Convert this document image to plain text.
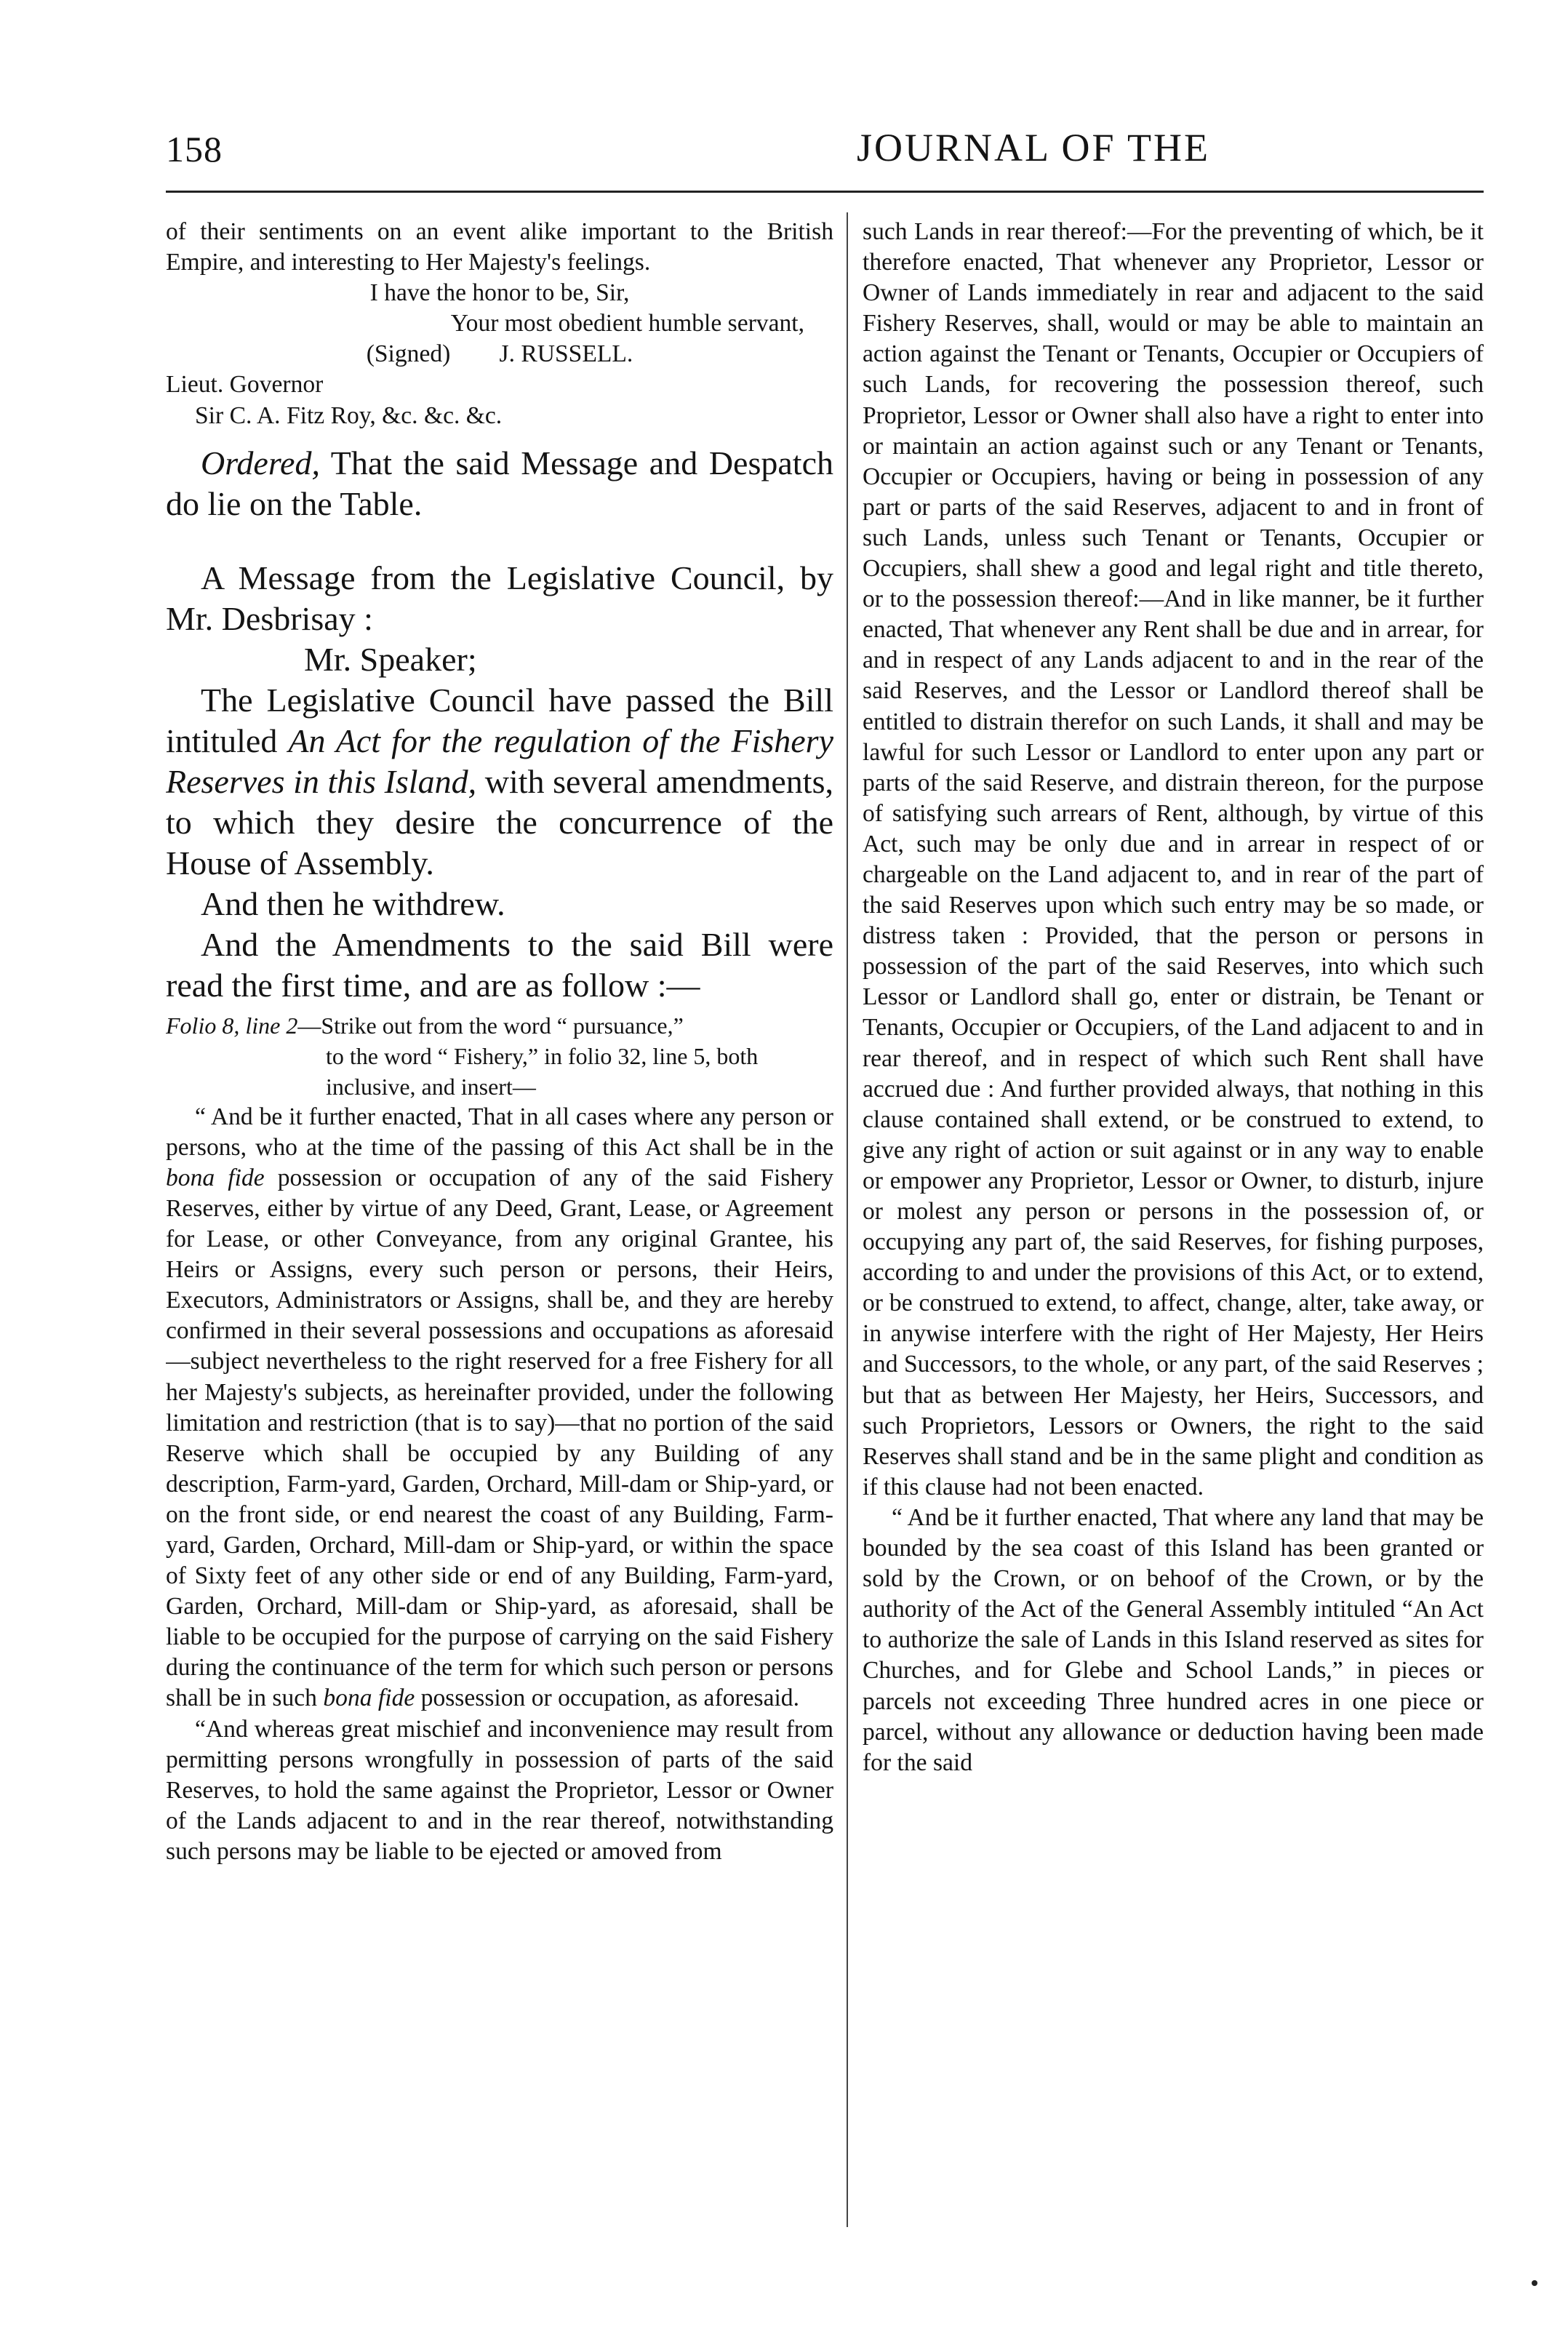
158	JOURNAL OF THE

of their sentiments on an event alike important to the British Empire, and interesting to Her Majesty's feelings.

I have the honor to be, Sir,

Your most obedient humble servant,

(Signed) J. RUSSELL.

Lieut. Governor

Sir C. A. Fitz Roy, &c. &c. &c.

Ordered, That the said Message and Despatch do lie on the Table.

A Message from the Legislative Council, by Mr. Desbrisay :

Mr. Speaker;

The Legislative Council have passed the Bill intituled An Act for the regulation of the Fishery Reserves in this Island, with several amendments, to which they desire the concurrence of the House of Assembly.

And then he withdrew.

And the Amendments to the said Bill were read the first time, and are as follow :—

Folio 8, line 2—Strike out from the word “ pursuance,”
to the word “ Fishery,” in folio 32, line 5, both inclusive, and insert—

“ And be it further enacted, That in all cases where any person or persons, who at the time of the passing of this Act shall be in the bona fide possession or occupation of any of the said Fishery Reserves, either by virtue of any Deed, Grant, Lease, or Agreement for Lease, or other Conveyance, from any original Grantee, his Heirs or Assigns, every such person or persons, their Heirs, Executors, Administrators or Assigns, shall be, and they are hereby confirmed in their several possessions and occupations as aforesaid—subject nevertheless to the right reserved for a free Fishery for all her Majesty's subjects, as hereinafter provided, under the following limitation and restriction (that is to say)—that no portion of the said Reserve which shall be occupied by any Building of any description, Farm-yard, Garden, Orchard, Mill-dam or Ship-yard, or on the front side, or end nearest the coast of any Building, Farm-yard, Garden, Orchard, Mill-dam or Ship-yard, or within the space of Sixty feet of any other side or end of any Building, Farm-yard, Garden, Orchard, Mill-dam or Ship-yard, as aforesaid, shall be liable to be occupied for the purpose of carrying on the said Fishery during the continuance of the term for which such person or persons shall be in such bona fide possession or occupation, as aforesaid.

“And whereas great mischief and inconvenience may result from permitting persons wrongfully in possession of parts of the said Reserves, to hold the same against the Proprietor, Lessor or Owner of the Lands adjacent to and in the rear thereof, notwithstanding such persons may be liable to be ejected or amoved from

such Lands in rear thereof:—For the preventing of which, be it therefore enacted, That whenever any Proprietor, Lessor or Owner of Lands immediately in rear and adjacent to the said Fishery Reserves, shall, would or may be able to maintain an action against the Tenant or Tenants, Occupier or Occupiers of such Lands, for recovering the possession thereof, such Proprietor, Lessor or Owner shall also have a right to enter into or maintain an action against such or any Tenant or Tenants, Occupier or Occupiers, having or being in possession of any part or parts of the said Reserves, adjacent to and in front of such Lands, unless such Tenant or Tenants, Occupier or Occupiers, shall shew a good and legal right and title thereto, or to the possession thereof:—And in like manner, be it further enacted, That whenever any Rent shall be due and in arrear, for and in respect of any Lands adjacent to and in the rear of the said Reserves, and the Lessor or Landlord thereof shall be entitled to distrain therefor on such Lands, it shall and may be lawful for such Lessor or Landlord to enter upon any part or parts of the said Reserve, and distrain thereon, for the purpose of satisfying such arrears of Rent, although, by virtue of this Act, such may be only due and in arrear in respect of or chargeable on the Land adjacent to, and in rear of the part of the said Reserves upon which such entry may be so made, or distress taken : Provided, that the person or persons in possession of the part of the said Reserves, into which such Lessor or Landlord shall go, enter or distrain, be Tenant or Tenants, Occupier or Occupiers, of the Land adjacent to and in rear thereof, and in respect of which such Rent shall have accrued due : And further provided always, that nothing in this clause contained shall extend, or be construed to extend, to give any right of action or suit against or in any way to enable or empower any Proprietor, Lessor or Owner, to disturb, injure or molest any person or persons in the possession of, or occupying any part of, the said Reserves, for fishing purposes, according to and under the provisions of this Act, or to extend, or be construed to extend, to affect, change, alter, take away, or in anywise interfere with the right of Her Majesty, Her Heirs and Successors, to the whole, or any part, of the said Reserves ; but that as between Her Majesty, her Heirs, Successors, and such Proprietors, Lessors or Owners, the right to the said Reserves shall stand and be in the same plight and condition as if this clause had not been enacted.

“ And be it further enacted, That where any land that may be bounded by the sea coast of this Island has been granted or sold by the Crown, or on behoof of the Crown, or by the authority of the Act of the General Assembly intituled “An Act to authorize the sale of Lands in this Island reserved as sites for Churches, and for Glebe and School Lands,” in pieces or parcels not exceeding Three hundred acres in one piece or parcel, without any allowance or deduction having been made for the said
